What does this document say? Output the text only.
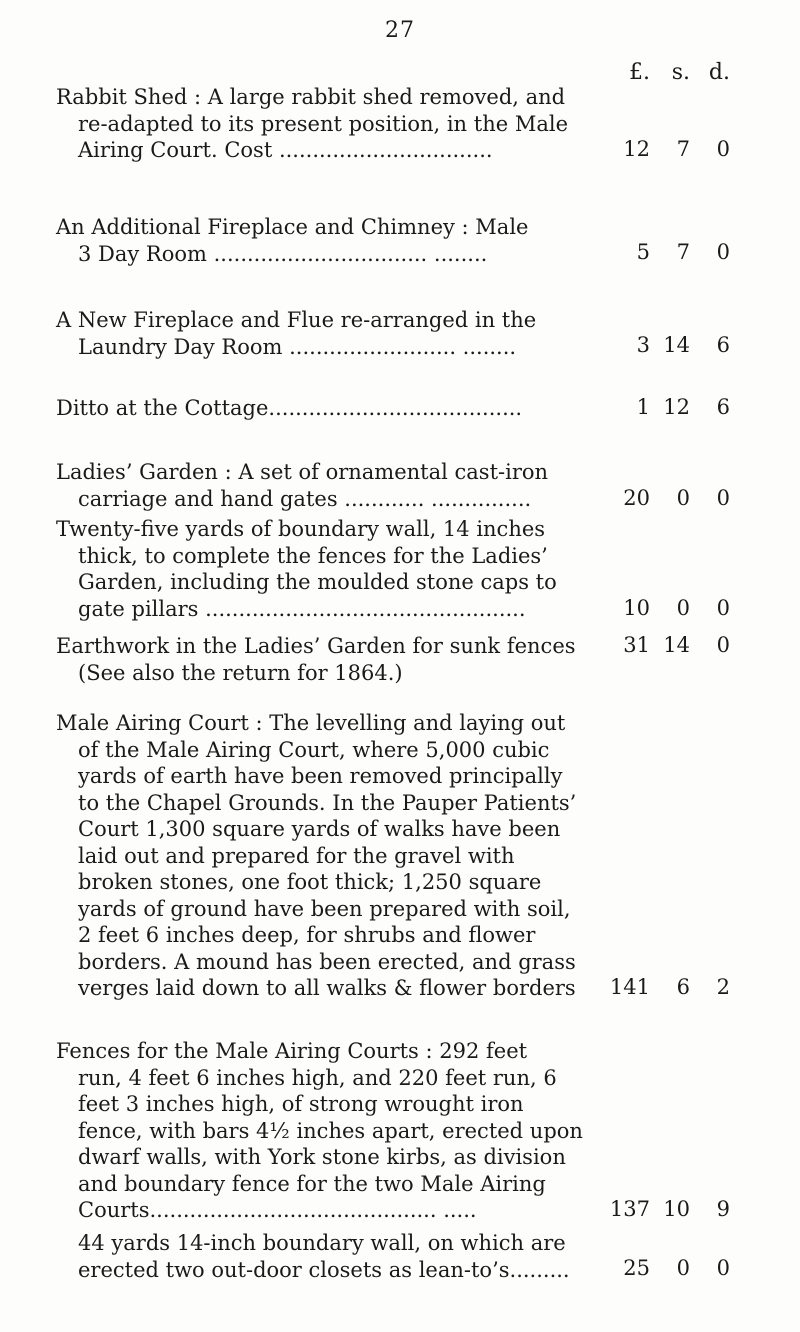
27
£. s. d.
Rabbit Shed : A large rabbit shed removed, and
re-adapted to its present position, in the Male
Airing Court. Cost ................................	12	7	0
An Additional Fireplace and Chimney : Male
3 Day Room ................................ ........	5	7	0
A New Fireplace and Flue re-arranged in the
Laundry Day Room ......................... ........	3 14	6
Ditto at the Cottage......................................	1 12	6
Ladies’ Garden : A set of ornamental cast-iron
carriage and hand gates ............ ...............	20	0	0
Twenty-five yards of boundary wall, 14 inches
thick, to complete the fences for the Ladies’
Garden, including the moulded stone caps to
gate pillars ................................................	10	0	0
Earthwork in the Ladies’ Garden for sunk fences
(See also the return for 1864.)
31 14	0
Male Airing Court : The levelling and laying out
of the Male Airing Court, where 5,000 cubic
yards of earth have been removed principally
to the Chapel Grounds. In the Pauper Patients’
Court 1,300 square yards of walks have been
laid out and prepared for the gravel with
broken stones, one foot thick; 1,250 square
yards of ground have been prepared with soil,
2 feet 6 inches deep, for shrubs and flower
borders. A mound has been erected, and grass
verges laid down to all walks & flower borders 141	6	2
Fences for the Male Airing Courts : 292 feet
run, 4 feet 6 inches high, and 220 feet run, 6
feet 3 inches high, of strong wrought iron
fence, with bars 4½ inches apart, erected upon
dwarf walls, with York stone kirbs, as division
and boundary fence for the two Male Airing
Courts........................................... .....	137 10	9
44 yards 14-inch boundary wall, on which are
erected two out-door closets as lean-to’s.........	25	0	0
